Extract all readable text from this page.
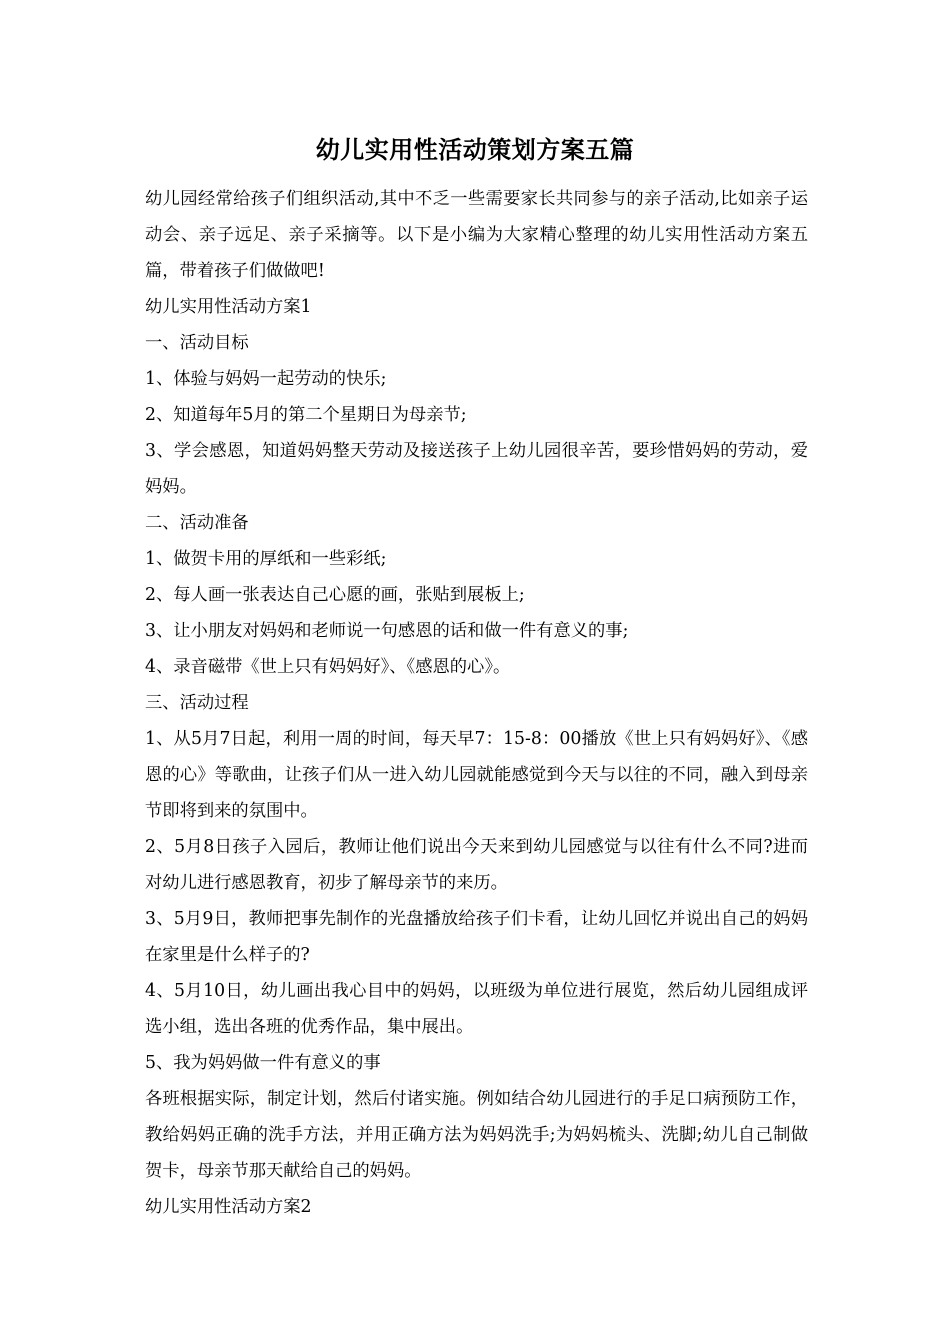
幼儿实用性活动策划方案五篇

幼儿园经常给孩子们组织活动,其中不乏一些需要家长共同参与的亲子活动,比如亲子运动会、亲子远足、亲子采摘等。以下是小编为大家精心整理的幼儿实用性活动方案五篇，带着孩子们做做吧!

幼儿实用性活动方案1

一、活动目标

1、体验与妈妈一起劳动的快乐;

2、知道每年5月的第二个星期日为母亲节;

3、学会感恩，知道妈妈整天劳动及接送孩子上幼儿园很辛苦，要珍惜妈妈的劳动，爱妈妈。

二、活动准备

1、做贺卡用的厚纸和一些彩纸;

2、每人画一张表达自己心愿的画，张贴到展板上;

3、让小朋友对妈妈和老师说一句感恩的话和做一件有意义的事;

4、录音磁带《世上只有妈妈好》、《感恩的心》。

三、活动过程

1、从5月7日起，利用一周的时间，每天早7：15-8：00播放《世上只有妈妈好》、《感恩的心》等歌曲，让孩子们从一进入幼儿园就能感觉到今天与以往的不同，融入到母亲节即将到来的氛围中。

2、5月8日孩子入园后，教师让他们说出今天来到幼儿园感觉与以往有什么不同?进而对幼儿进行感恩教育，初步了解母亲节的来历。

3、5月9日，教师把事先制作的光盘播放给孩子们卡看，让幼儿回忆并说出自己的妈妈在家里是什么样子的?

4、5月10日，幼儿画出我心目中的妈妈，以班级为单位进行展览，然后幼儿园组成评选小组，选出各班的优秀作品，集中展出。

5、我为妈妈做一件有意义的事

各班根据实际，制定计划，然后付诸实施。例如结合幼儿园进行的手足口病预防工作，教给妈妈正确的洗手方法，并用正确方法为妈妈洗手;为妈妈梳头、洗脚;幼儿自己制做贺卡，母亲节那天献给自己的妈妈。

幼儿实用性活动方案2
